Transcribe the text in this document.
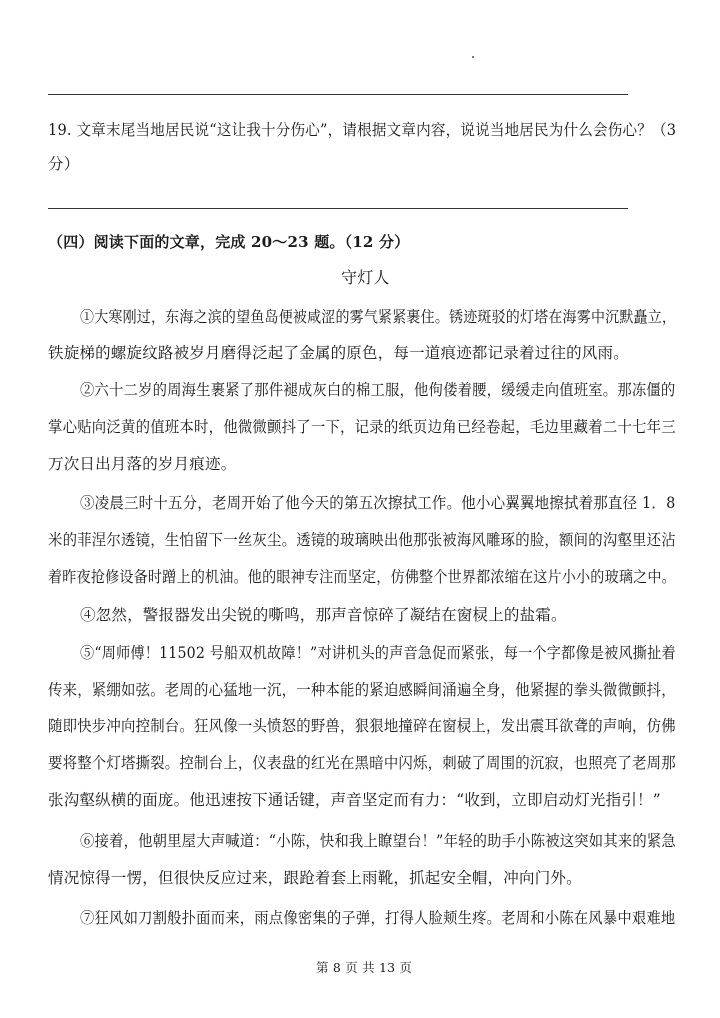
19. 文章末尾当地居民说“这让我十分伤心”，请根据文章内容，说说当地居民为什么会伤心？（3
分）
（四）阅读下面的文章，完成 20～23 题。（12 分）
守灯人
①大寒刚过，东海之滨的望鱼岛便被咸涩的雾气紧紧裹住。锈迹斑驳的灯塔在海雾中沉默矗立，
铁旋梯的螺旋纹路被岁月磨得泛起了金属的原色，每一道痕迹都记录着过往的风雨。
②六十二岁的周海生裹紧了那件褪成灰白的棉工服，他佝偻着腰，缓缓走向值班室。那冻僵的
掌心贴向泛黄的值班本时，他微微颤抖了一下，记录的纸页边角已经卷起，毛边里藏着二十七年三
万次日出月落的岁月痕迹。
③凌晨三时十五分，老周开始了他今天的第五次擦拭工作。他小心翼翼地擦拭着那直径 1．8
米的菲涅尔透镜，生怕留下一丝灰尘。透镜的玻璃映出他那张被海风雕琢的脸，额间的沟壑里还沾
着昨夜抢修设备时蹭上的机油。他的眼神专注而坚定，仿佛整个世界都浓缩在这片小小的玻璃之中。
④忽然，警报器发出尖锐的嘶鸣，那声音惊碎了凝结在窗棂上的盐霜。
⑤“周师傅！11502 号船双机故障！”对讲机头的声音急促而紧张，每一个字都像是被风撕扯着
传来，紧绷如弦。老周的心猛地一沉，一种本能的紧迫感瞬间涌遍全身，他紧握的拳头微微颤抖，
随即快步冲向控制台。狂风像一头愤怒的野兽，狠狠地撞碎在窗棂上，发出震耳欲聋的声响，仿佛
要将整个灯塔撕裂。控制台上，仪表盘的红光在黑暗中闪烁，刺破了周围的沉寂，也照亮了老周那
张沟壑纵横的面庞。他迅速按下通话键，声音坚定而有力：“收到，立即启动灯光指引！”
⑥接着，他朝里屋大声喊道：“小陈，快和我上瞭望台！”年轻的助手小陈被这突如其来的紧急
情况惊得一愣，但很快反应过来，跟跄着套上雨靴，抓起安全帽，冲向门外。
⑦狂风如刀割般扑面而来，雨点像密集的子弹，打得人脸颊生疼。老周和小陈在风暴中艰难地
第 8 页 共 13 页
